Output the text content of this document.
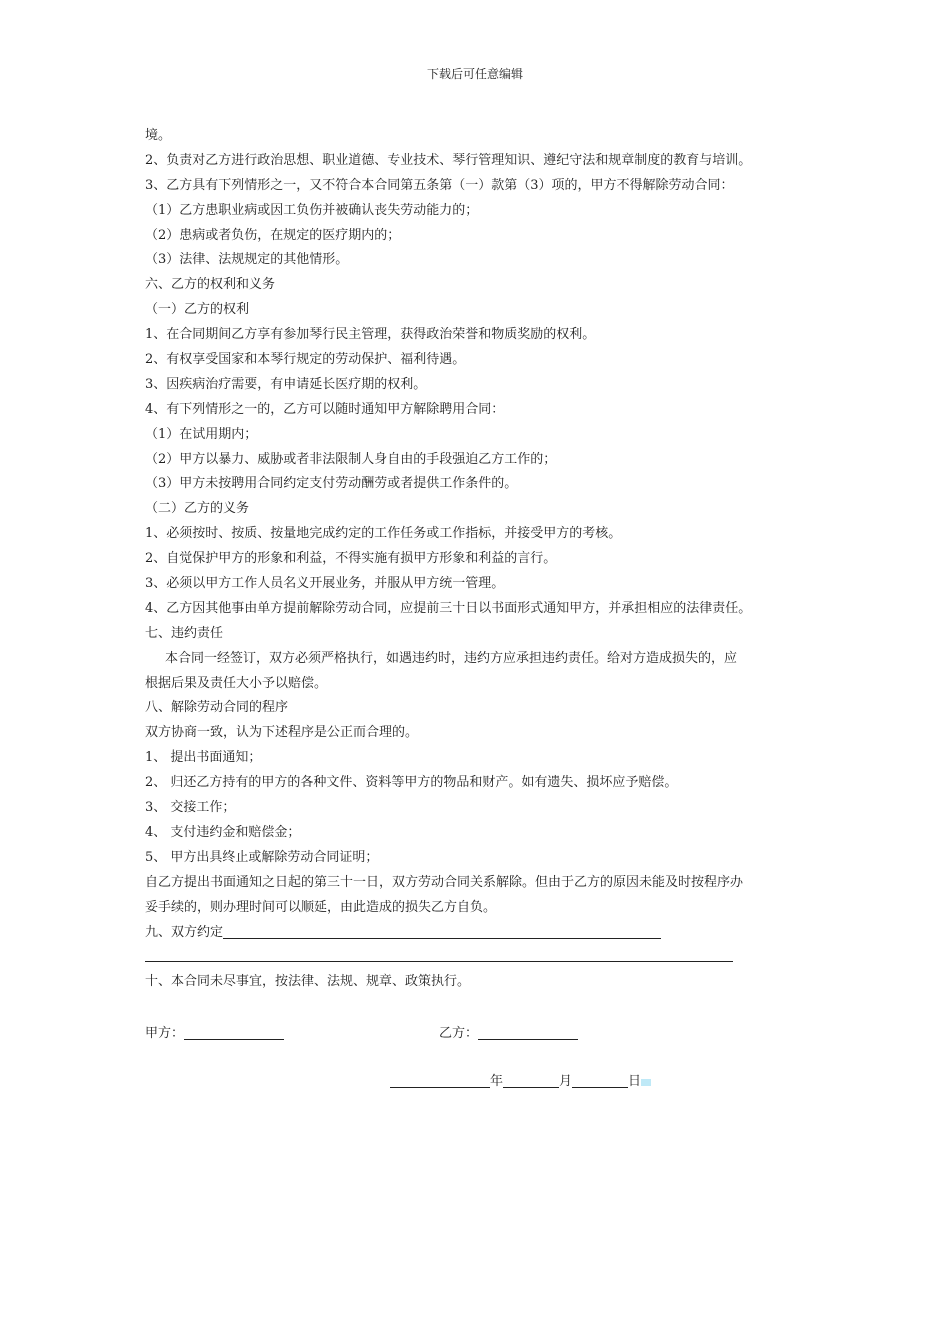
下载后可任意编辑
境。
2、负责对乙方进行政治思想、职业道德、专业技术、琴行管理知识、遵纪守法和规章制度的教育与培训。
3、乙方具有下列情形之一，又不符合本合同第五条第（一）款第（3）项的，甲方不得解除劳动合同：
（1）乙方患职业病或因工负伤并被确认丧失劳动能力的；
（2）患病或者负伤，在规定的医疗期内的；
（3）法律、法规规定的其他情形。
六、乙方的权利和义务
（一）乙方的权利
1、在合同期间乙方享有参加琴行民主管理，获得政治荣誉和物质奖励的权利。
2、有权享受国家和本琴行规定的劳动保护、福利待遇。
3、因疾病治疗需要，有申请延长医疗期的权利。
4、有下列情形之一的，乙方可以随时通知甲方解除聘用合同：
（1）在试用期内；
（2）甲方以暴力、威胁或者非法限制人身自由的手段强迫乙方工作的；
（3）甲方未按聘用合同约定支付劳动酬劳或者提供工作条件的。
（二）乙方的义务
1、必须按时、按质、按量地完成约定的工作任务或工作指标，并接受甲方的考核。
2、自觉保护甲方的形象和利益，不得实施有损甲方形象和利益的言行。
3、必须以甲方工作人员名义开展业务，并服从甲方统一管理。
4、乙方因其他事由单方提前解除劳动合同，应提前三十日以书面形式通知甲方，并承担相应的法律责任。
七、违约责任
本合同一经签订，双方必须严格执行，如遇违约时，违约方应承担违约责任。给对方造成损失的，应
根据后果及责任大小予以赔偿。
八、解除劳动合同的程序
双方协商一致，认为下述程序是公正而合理的。
1、 提出书面通知；
2、 归还乙方持有的甲方的各种文件、资料等甲方的物品和财产。如有遗失、损坏应予赔偿。
3、 交接工作；
4、 支付违约金和赔偿金；
5、 甲方出具终止或解除劳动合同证明；
自乙方提出书面通知之日起的第三十一日，双方劳动合同关系解除。但由于乙方的原因未能及时按程序办
妥手续的，则办理时间可以顺延，由此造成的损失乙方自负。
九、双方约定
十、本合同未尽事宜，按法律、法规、规章、政策执行。
甲方：	乙方：
年	月	日
